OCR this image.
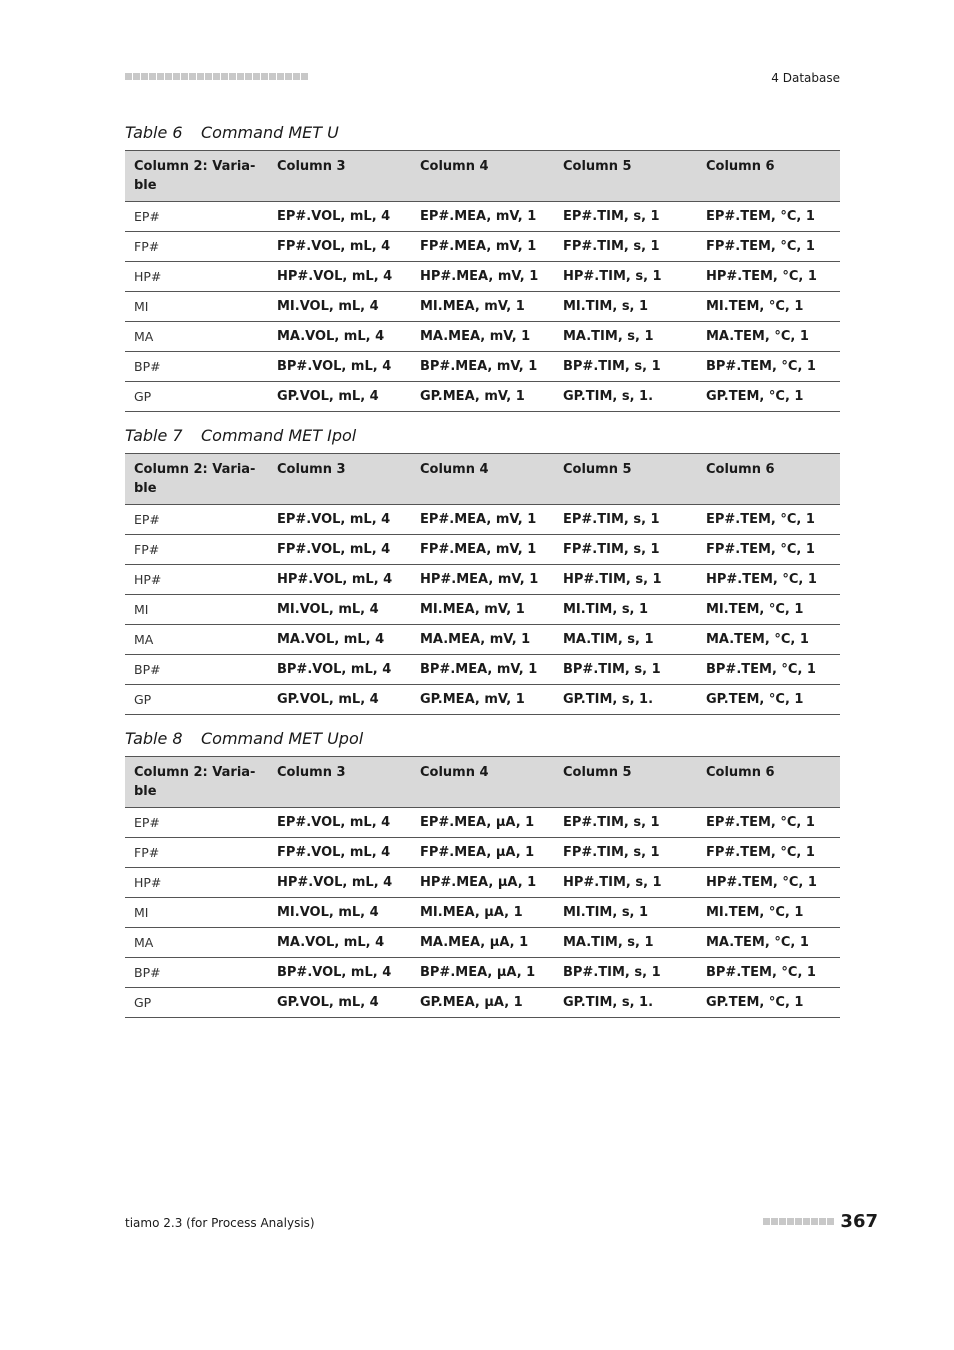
4 Database
Table 6 Command MET U
Column 2: Varia- ble	Column 3	Column 4	Column 5	Column 6
EP#	EP#.VOL, mL, 4	EP#.MEA, mV, 1	EP#.TIM, s, 1	EP#.TEM, °C, 1
FP#	FP#.VOL, mL, 4	FP#.MEA, mV, 1	FP#.TIM, s, 1	FP#.TEM, °C, 1
HP#	HP#.VOL, mL, 4	HP#.MEA, mV, 1	HP#.TIM, s, 1	HP#.TEM, °C, 1
MI	MI.VOL, mL, 4	MI.MEA, mV, 1	MI.TIM, s, 1	MI.TEM, °C, 1
MA	MA.VOL, mL, 4	MA.MEA, mV, 1	MA.TIM, s, 1	MA.TEM, °C, 1
BP#	BP#.VOL, mL, 4	BP#.MEA, mV, 1	BP#.TIM, s, 1	BP#.TEM, °C, 1
GP	GP.VOL, mL, 4	GP.MEA, mV, 1	GP.TIM, s, 1.	GP.TEM, °C, 1
Table 7 Command MET Ipol
Column 2: Varia- ble	Column 3	Column 4	Column 5	Column 6
EP#	EP#.VOL, mL, 4	EP#.MEA, mV, 1	EP#.TIM, s, 1	EP#.TEM, °C, 1
FP#	FP#.VOL, mL, 4	FP#.MEA, mV, 1	FP#.TIM, s, 1	FP#.TEM, °C, 1
HP#	HP#.VOL, mL, 4	HP#.MEA, mV, 1	HP#.TIM, s, 1	HP#.TEM, °C, 1
MI	MI.VOL, mL, 4	MI.MEA, mV, 1	MI.TIM, s, 1	MI.TEM, °C, 1
MA	MA.VOL, mL, 4	MA.MEA, mV, 1	MA.TIM, s, 1	MA.TEM, °C, 1
BP#	BP#.VOL, mL, 4	BP#.MEA, mV, 1	BP#.TIM, s, 1	BP#.TEM, °C, 1
GP	GP.VOL, mL, 4	GP.MEA, mV, 1	GP.TIM, s, 1.	GP.TEM, °C, 1
Table 8 Command MET Upol
Column 2: Varia- ble	Column 3	Column 4	Column 5	Column 6
EP#	EP#.VOL, mL, 4	EP#.MEA, µA, 1	EP#.TIM, s, 1	EP#.TEM, °C, 1
FP#	FP#.VOL, mL, 4	FP#.MEA, µA, 1	FP#.TIM, s, 1	FP#.TEM, °C, 1
HP#	HP#.VOL, mL, 4	HP#.MEA, µA, 1	HP#.TIM, s, 1	HP#.TEM, °C, 1
MI	MI.VOL, mL, 4	MI.MEA, µA, 1	MI.TIM, s, 1	MI.TEM, °C, 1
MA	MA.VOL, mL, 4	MA.MEA, µA, 1	MA.TIM, s, 1	MA.TEM, °C, 1
BP#	BP#.VOL, mL, 4	BP#.MEA, µA, 1	BP#.TIM, s, 1	BP#.TEM, °C, 1
GP	GP.VOL, mL, 4	GP.MEA, µA, 1	GP.TIM, s, 1.	GP.TEM, °C, 1
tiamo 2.3 (for Process Analysis)	367
